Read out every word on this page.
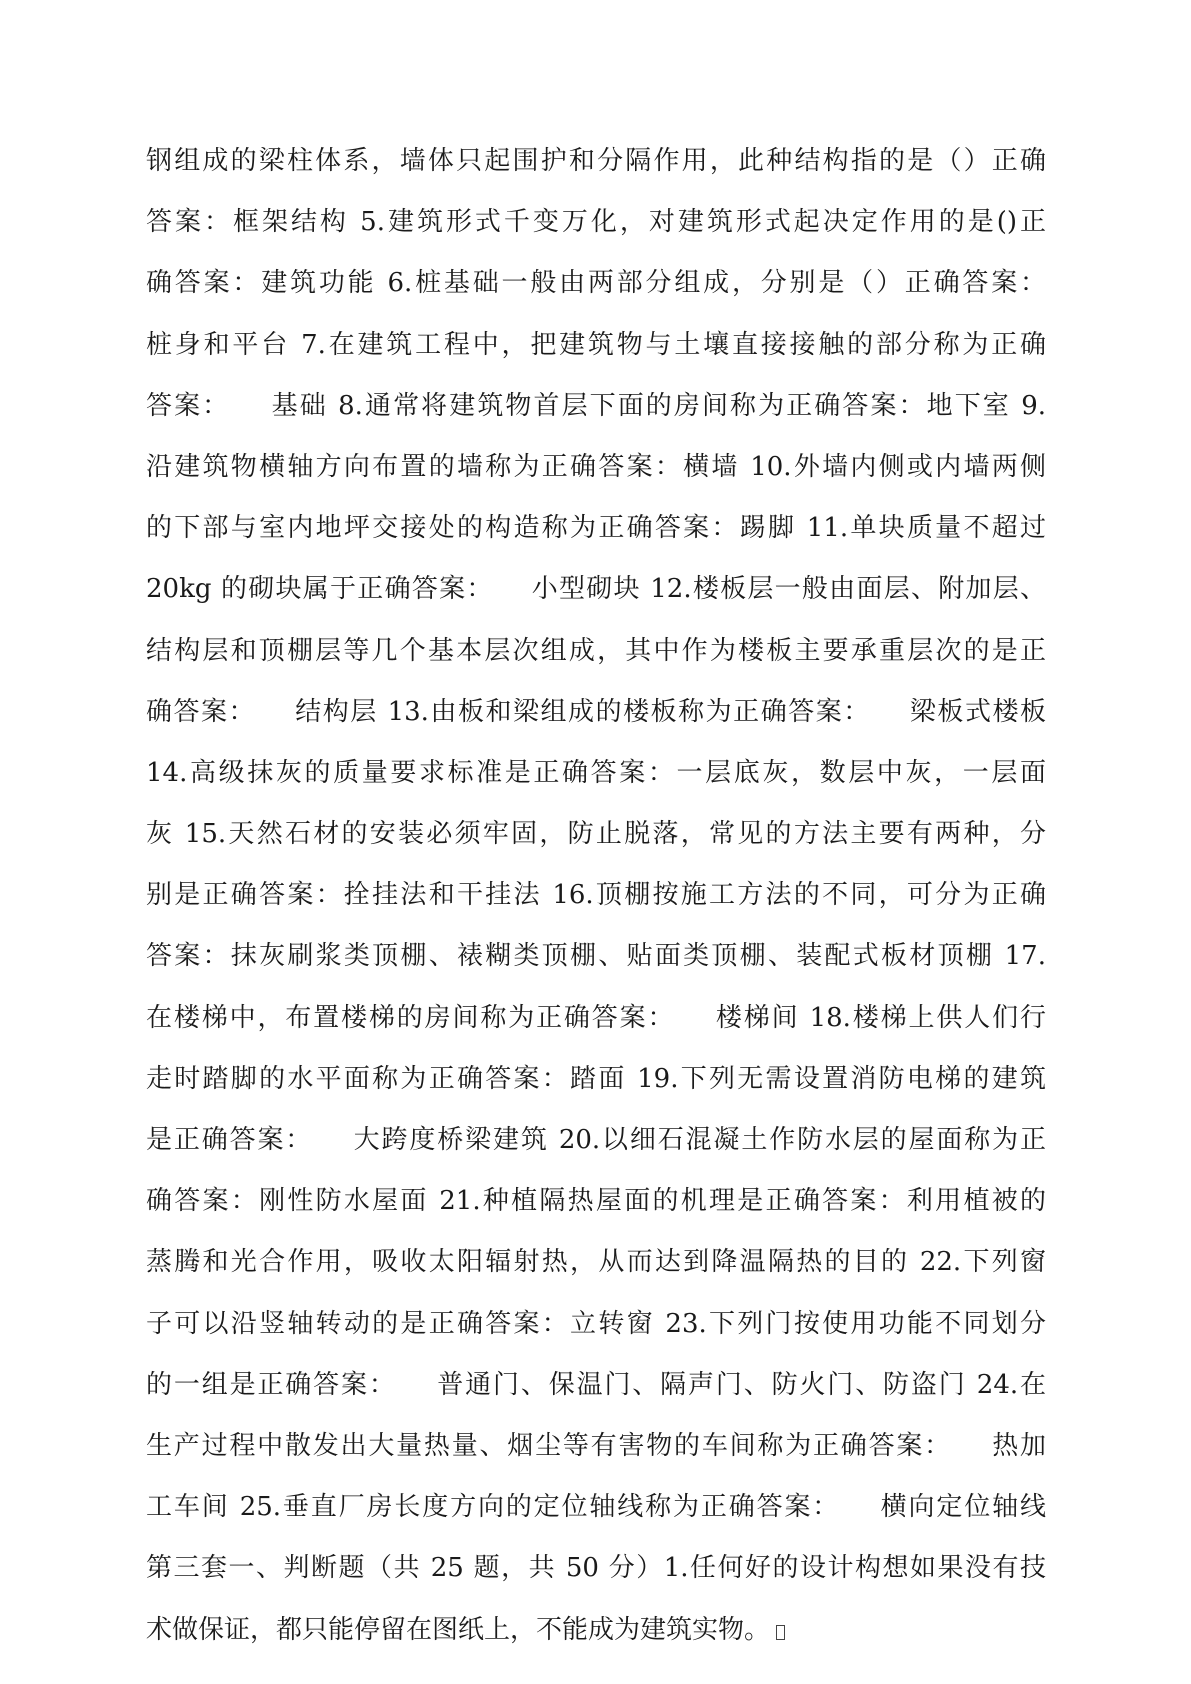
钢组成的梁柱体系，墙体只起围护和分隔作用，此种结构指的是（）正确
答案：框架结构 5.建筑形式千变万化，对建筑形式起决定作用的是()正
确答案：建筑功能 6.桩基础一般由两部分组成，分别是（）正确答案：
桩身和平台 7.在建筑工程中，把建筑物与土壤直接接触的部分称为正确
答案：    基础 8.通常将建筑物首层下面的房间称为正确答案：地下室 9.
沿建筑物横轴方向布置的墙称为正确答案：横墙 10.外墙内侧或内墙两侧
的下部与室内地坪交接处的构造称为正确答案：踢脚 11.单块质量不超过
20kg 的砌块属于正确答案：    小型砌块 12.楼板层一般由面层、附加层、
结构层和顶棚层等几个基本层次组成，其中作为楼板主要承重层次的是正
确答案：    结构层 13.由板和梁组成的楼板称为正确答案：    梁板式楼板
14.高级抹灰的质量要求标准是正确答案：一层底灰，数层中灰，一层面
灰 15.天然石材的安装必须牢固，防止脱落，常见的方法主要有两种，分
别是正确答案：拴挂法和干挂法 16.顶棚按施工方法的不同，可分为正确
答案：抹灰刷浆类顶棚、裱糊类顶棚、贴面类顶棚、装配式板材顶棚 17.
在楼梯中，布置楼梯的房间称为正确答案：    楼梯间 18.楼梯上供人们行
走时踏脚的水平面称为正确答案：踏面 19.下列无需设置消防电梯的建筑
是正确答案：    大跨度桥梁建筑 20.以细石混凝土作防水层的屋面称为正
确答案：刚性防水屋面 21.种植隔热屋面的机理是正确答案：利用植被的
蒸腾和光合作用，吸收太阳辐射热，从而达到降温隔热的目的 22.下列窗
子可以沿竖轴转动的是正确答案：立转窗 23.下列门按使用功能不同划分
的一组是正确答案：    普通门、保温门、隔声门、防火门、防盗门 24.在
生产过程中散发出大量热量、烟尘等有害物的车间称为正确答案：    热加
工车间 25.垂直厂房长度方向的定位轴线称为正确答案：    横向定位轴线
第三套一、判断题（共 25 题，共 50 分）1.任何好的设计构想如果没有技
术做保证，都只能停留在图纸上，不能成为建筑实物。
